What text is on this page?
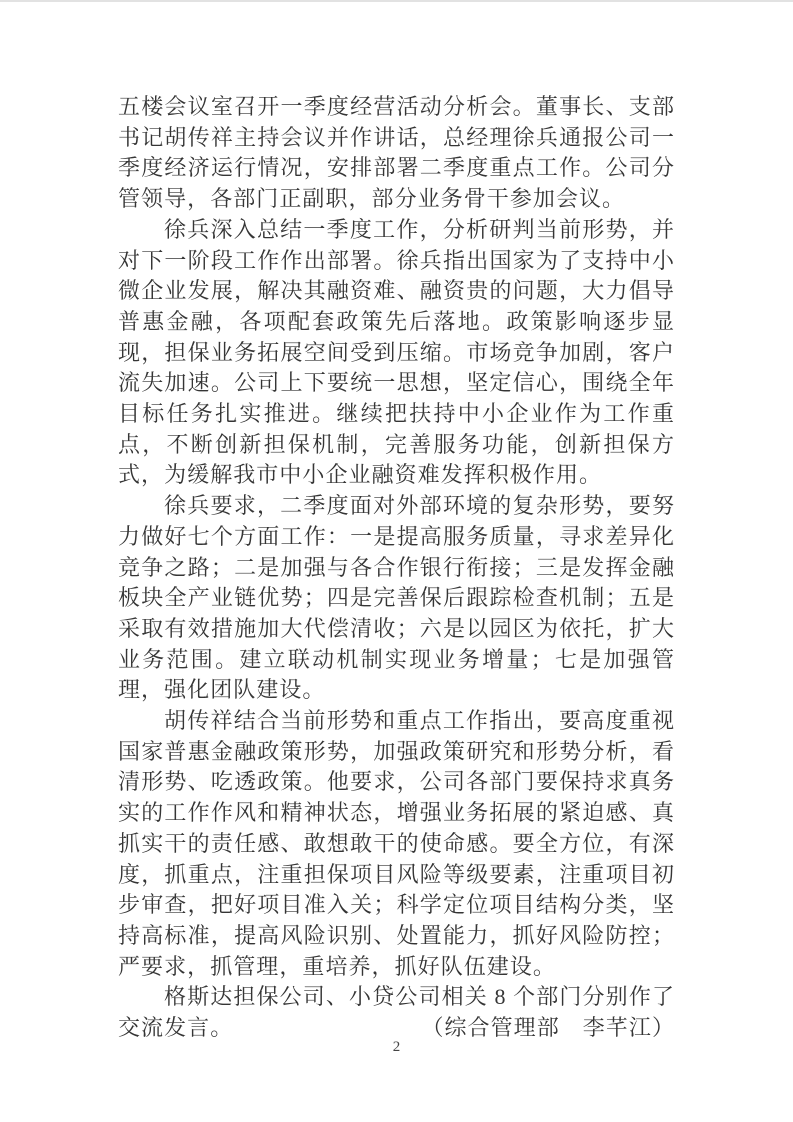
五楼会议室召开一季度经营活动分析会。董事长、支部书记胡传祥主持会议并作讲话，总经理徐兵通报公司一季度经济运行情况，安排部署二季度重点工作。公司分管领导，各部门正副职，部分业务骨干参加会议。

徐兵深入总结一季度工作，分析研判当前形势，并对下一阶段工作作出部署。徐兵指出国家为了支持中小微企业发展，解决其融资难、融资贵的问题，大力倡导普惠金融，各项配套政策先后落地。政策影响逐步显现，担保业务拓展空间受到压缩。市场竞争加剧，客户流失加速。公司上下要统一思想，坚定信心，围绕全年目标任务扎实推进。继续把扶持中小企业作为工作重点，不断创新担保机制，完善服务功能，创新担保方式，为缓解我市中小企业融资难发挥积极作用。

徐兵要求，二季度面对外部环境的复杂形势，要努力做好七个方面工作：一是提高服务质量，寻求差异化竞争之路；二是加强与各合作银行衔接；三是发挥金融板块全产业链优势；四是完善保后跟踪检查机制；五是采取有效措施加大代偿清收；六是以园区为依托，扩大业务范围。建立联动机制实现业务增量；七是加强管理，强化团队建设。

胡传祥结合当前形势和重点工作指出，要高度重视国家普惠金融政策形势，加强政策研究和形势分析，看清形势、吃透政策。他要求，公司各部门要保持求真务实的工作作风和精神状态，增强业务拓展的紧迫感、真抓实干的责任感、敢想敢干的使命感。要全方位，有深度，抓重点，注重担保项目风险等级要素，注重项目初步审查，把好项目准入关；科学定位项目结构分类，坚持高标准，提高风险识别、处置能力，抓好风险防控；严要求，抓管理，重培养，抓好队伍建设。

格斯达担保公司、小贷公司相关 8 个部门分别作了交流发言。	（综合管理部　李芊江）

2
